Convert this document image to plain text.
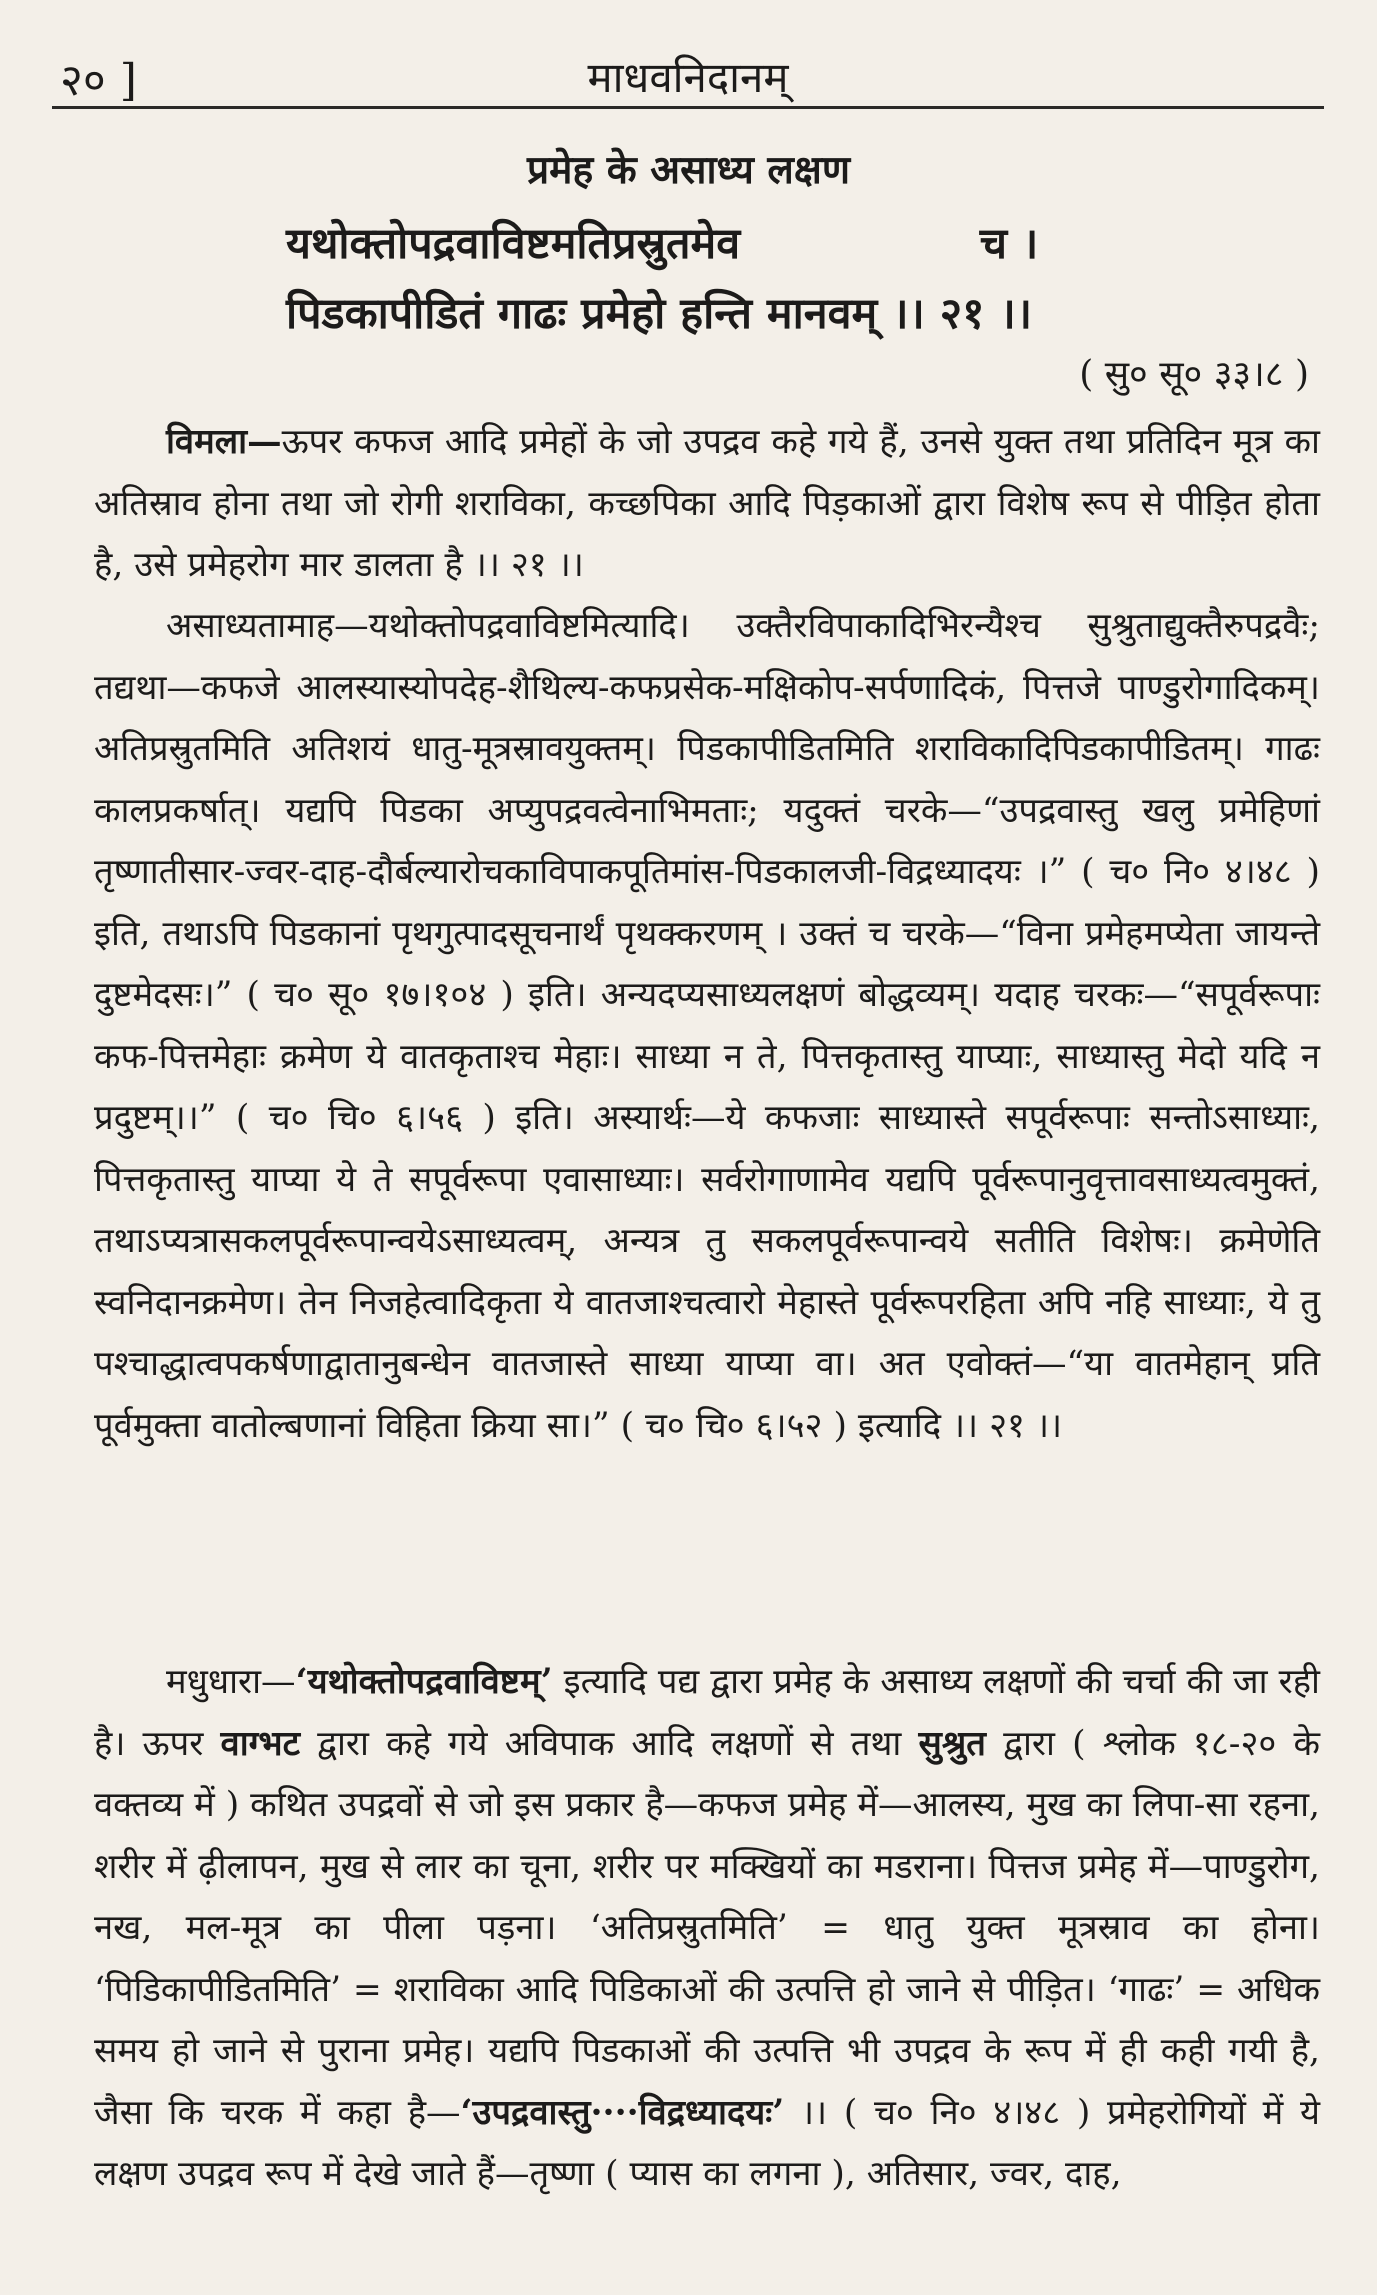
२० ]	माधवनिदानम्
प्रमेह के असाध्य लक्षण
यथोक्तोपद्रवाविष्टमतिप्रस्रुतमेव                च ।
पिडकापीडितं गाढः प्रमेहो हन्ति मानवम् ।। २१ ।।
( सु० सू० ३३।८ )
विमला—ऊपर कफज आदि प्रमेहों के जो उपद्रव कहे गये हैं, उनसे युक्त तथा प्रतिदिन मूत्र का अतिस्राव होना तथा जो रोगी शराविका, कच्छपिका आदि पिड़काओं द्वारा विशेष रूप से पीड़ित होता है, उसे प्रमेहरोग मार डालता है ।। २१ ।।
असाध्यतामाह—यथोक्तोपद्रवाविष्टमित्यादि। उक्तैरविपाकादिभिरन्यैश्च सुश्रुताद्युक्तैरुपद्रवैः; तद्यथा—कफजे आलस्यास्योपदेह-शैथिल्य-कफप्रसेक-मक्षिकोप-सर्पणादिकं, पित्तजे पाण्डुरोगादिकम्। अतिप्रस्रुतमिति अतिशयं धातु-मूत्रस्रावयुक्तम्। पिडकापीडितमिति शराविकादिपिडकापीडितम्। गाढः कालप्रकर्षात्। यद्यपि पिडका अप्युपद्रवत्वेनाभिमताः; यदुक्तं चरके—“उपद्रवास्तु खलु प्रमेहिणां तृष्णातीसार-ज्वर-दाह-दौर्बल्यारोचकाविपाकपूतिमांस-पिडकालजी-विद्रध्यादयः ।” ( च० नि० ४।४८ ) इति, तथाऽपि पिडकानां पृथगुत्पादसूचनार्थं पृथक्करणम् । उक्तं च चरके—“विना प्रमेहमप्येता जायन्ते दुष्टमेदसः।” ( च० सू० १७।१०४ ) इति। अन्यदप्यसाध्यलक्षणं बोद्धव्यम्। यदाह चरकः—“सपूर्वरूपाः कफ-पित्तमेहाः क्रमेण ये वातकृताश्च मेहाः। साध्या न ते, पित्तकृतास्तु याप्याः, साध्यास्तु मेदो यदि न प्रदुष्टम्।।” ( च० चि० ६।५६ ) इति। अस्यार्थः—ये कफजाः साध्यास्ते सपूर्वरूपाः सन्तोऽसाध्याः, पित्तकृतास्तु याप्या ये ते सपूर्वरूपा एवासाध्याः। सर्वरोगाणामेव यद्यपि पूर्वरूपानुवृत्तावसाध्यत्वमुक्तं, तथाऽप्यत्रासकलपूर्वरूपान्वयेऽसाध्यत्वम्, अन्यत्र तु सकलपूर्वरूपान्वये सतीति विशेषः। क्रमेणेति स्वनिदानक्रमेण। तेन निजहेत्वादिकृता ये वातजाश्चत्वारो मेहास्ते पूर्वरूपरहिता अपि नहि साध्याः, ये तु पश्चाद्धात्वपकर्षणाद्वातानुबन्धेन वातजास्ते साध्या याप्या वा। अत एवोक्तं—“या वातमेहान् प्रति पूर्वमुक्ता वातोल्बणानां विहिता क्रिया सा।” ( च० चि० ६।५२ ) इत्यादि ।। २१ ।।
मधुधारा—‘यथोक्तोपद्रवाविष्टम्’ इत्यादि पद्य द्वारा प्रमेह के असाध्य लक्षणों की चर्चा की जा रही है। ऊपर वाग्भट द्वारा कहे गये अविपाक आदि लक्षणों से तथा सुश्रुत द्वारा ( श्लोक १८-२० के वक्तव्य में ) कथित उपद्रवों से जो इस प्रकार है—कफज प्रमेह में—आलस्य, मुख का लिपा-सा रहना, शरीर में ढ़ीलापन, मुख से लार का चूना, शरीर पर मक्खियों का मडराना। पित्तज प्रमेह में—पाण्डुरोग, नख, मल-मूत्र का पीला पड़ना। ‘अतिप्रस्रुतमिति’ = धातु युक्त मूत्रस्राव का होना। ‘पिडिकापीडितमिति’ = शराविका आदि पिडिकाओं की उत्पत्ति हो जाने से पीड़ित। ‘गाढः’ = अधिक समय हो जाने से पुराना प्रमेह। यद्यपि पिडकाओं की उत्पत्ति भी उपद्रव के रूप में ही कही गयी है, जैसा कि चरक में कहा है—‘उपद्रवास्तु····विद्रध्यादयः’ ।। ( च० नि० ४।४८ ) प्रमेहरोगियों में ये लक्षण उपद्रव रूप में देखे जाते हैं—तृष्णा ( प्यास का लगना ), अतिसार, ज्वर, दाह,
